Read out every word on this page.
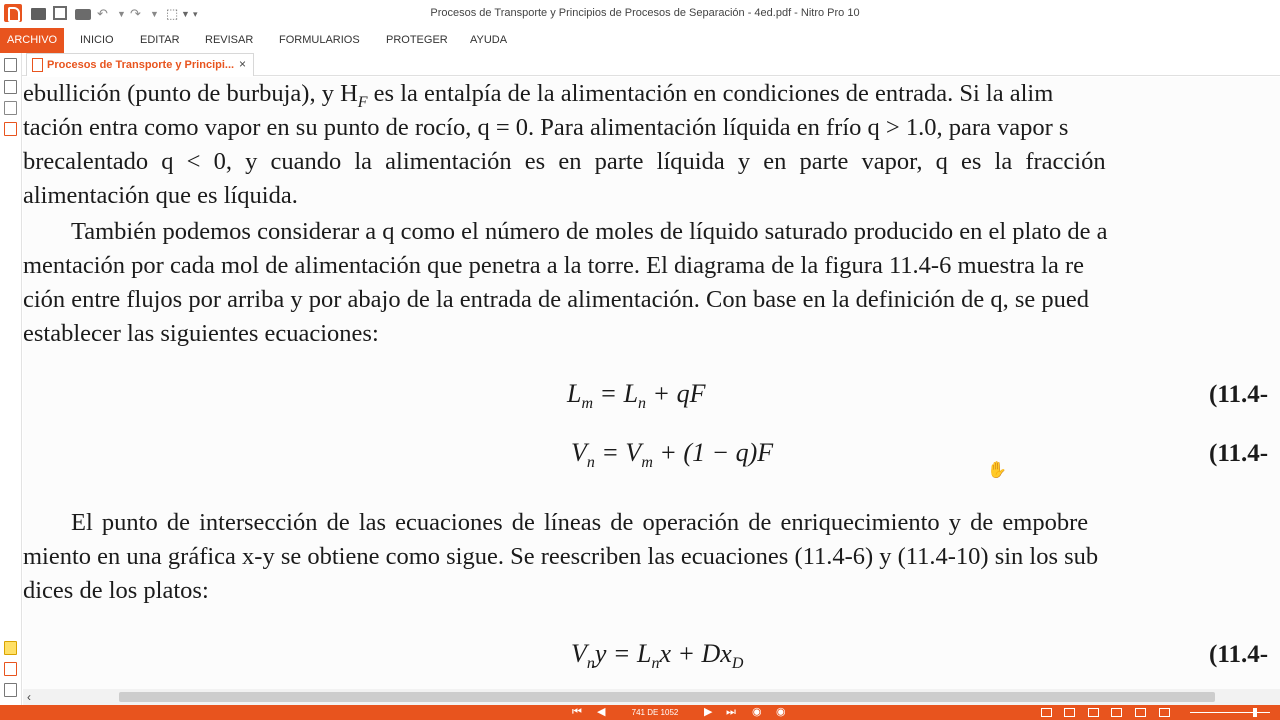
↶ ▼ ↷ ▼ ⬚ ▼ ▾	Procesos de Transporte y Principios de Procesos de Separación - 4ed.pdf - Nitro Pro 10
ARCHIVO	INICIO EDITAR REVISAR FORMULARIOS PROTEGER AYUDA
Procesos de Transporte y Principi... ×
ebullición (punto de burbuja), y $H_F$ es la entalpía de la alimentación en condiciones de entrada. Si la alim
tación entra como vapor en su punto de rocío, q = 0. Para alimentación líquida en frío q > 1.0, para vapor s
brecalentado q < 0, y cuando la alimentación es en parte líquida y en parte vapor, q es la fracción
alimentación que es líquida.
También podemos considerar a q como el número de moles de líquido saturado producido en el plato de a
mentación por cada mol de alimentación que penetra a la torre. El diagrama de la figura 11.4-6 muestra la re
ción entre flujos por arriba y por abajo de la entrada de alimentación. Con base en la definición de q, se pued
establecer las siguientes ecuaciones:
$L_m = L_n$ + qF	(11.4-
$V_n = V_m + (1 - q)F$	(11.4-
El punto de intersección de las ecuaciones de líneas de operación de enriquecimiento y de empobre
miento en una gráfica x-y se obtiene como sigue. Se reescriben las ecuaciones (11.4-6) y (11.4-10) sin los sub
dices de los platos:
$V_ny = L_nx + Dx_D$	(11.4-
✋
‹
⏮ ◀	741 DE 1052	▶ ⏭ ◉ ◉
